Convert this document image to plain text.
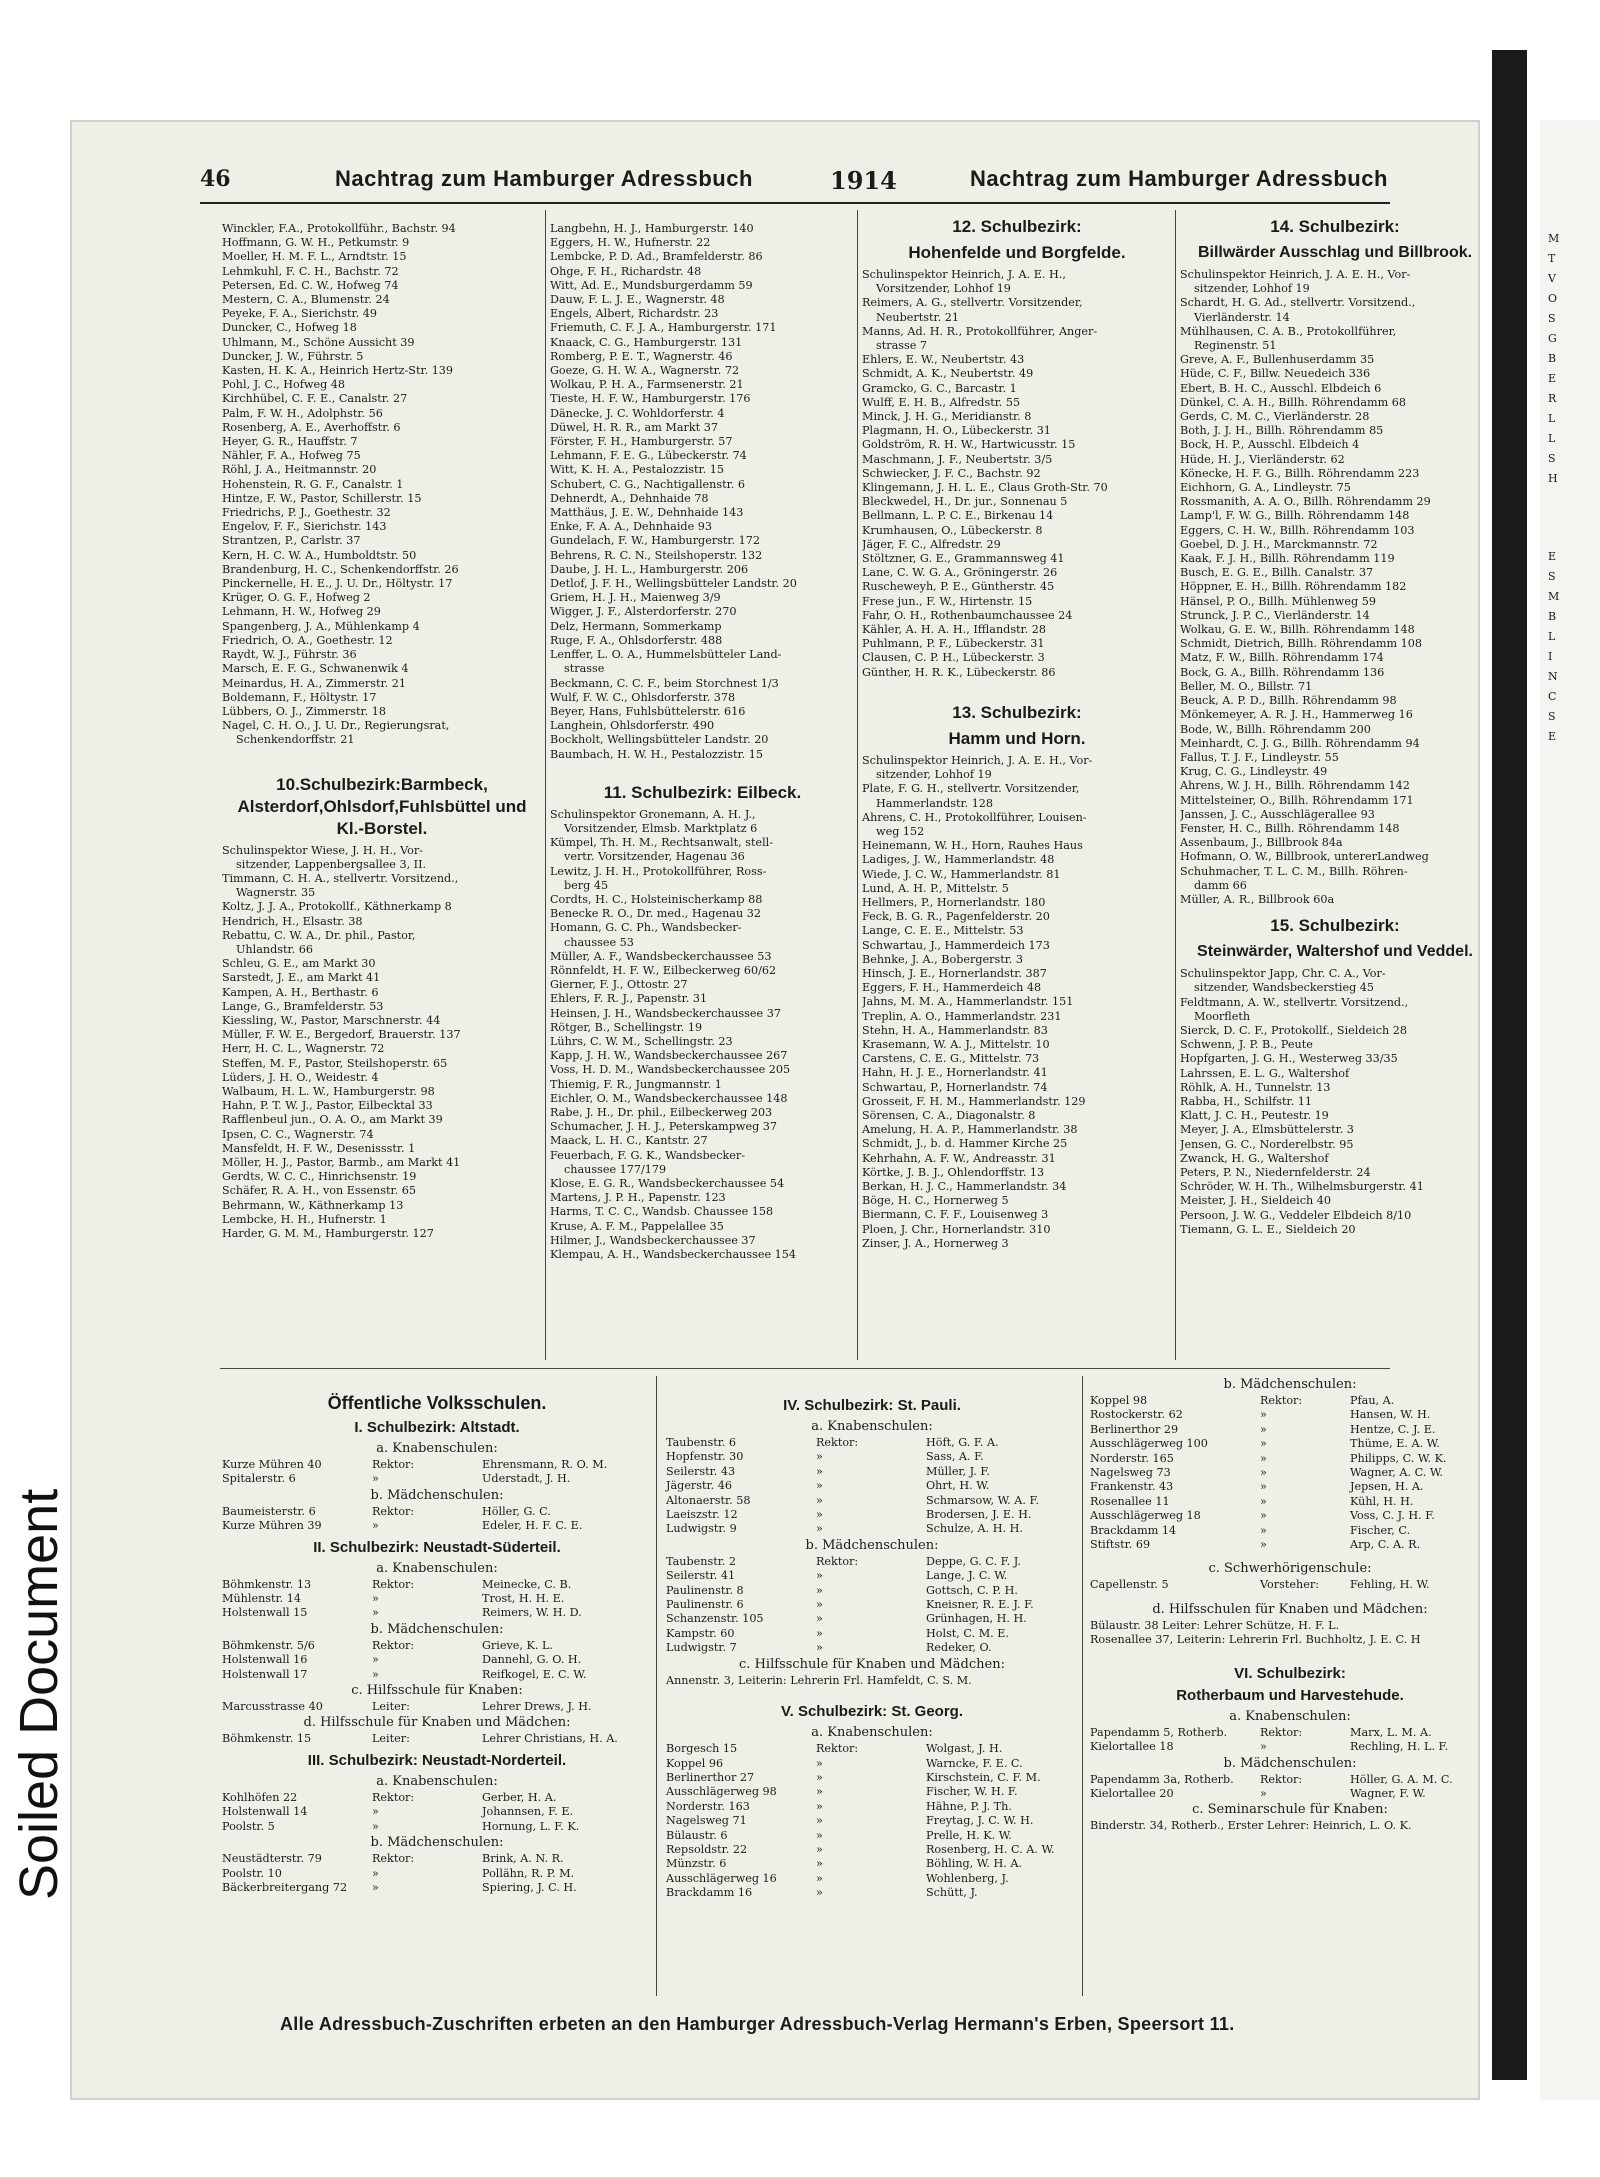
M
T
V
O
S
G
B
E
R
L
L
S
H
E
S
M
B
L
I
N
C
S
E
Soiled Document
46	Nachtrag zum Hamburger Adressbuch	1914	Nachtrag zum Hamburger Adressbuch
Winckler, F.A., Protokollführ., Bachstr. 94
Hoffmann, G. W. H., Petkumstr. 9
Moeller, H. M. F. L., Arndtstr. 15
Lehmkuhl, F. C. H., Bachstr. 72
Petersen, Ed. C. W., Hofweg 74
Mestern, C. A., Blumenstr. 24
Peyeke, F. A., Sierichstr. 49
Duncker, C., Hofweg 18
Uhlmann, M., Schöne Aussicht 39
Duncker, J. W., Führstr. 5
Kasten, H. K. A., Heinrich Hertz-Str. 139
Pohl, J. C., Hofweg 48
Kirchhübel, C. F. E., Canalstr. 27
Palm, F. W. H., Adolphstr. 56
Rosenberg, A. E., Averhoffstr. 6
Heyer, G. R., Hauffstr. 7
Nähler, F. A., Hofweg 75
Röhl, J. A., Heitmannstr. 20
Hohenstein, R. G. F., Canalstr. 1
Hintze, F. W., Pastor, Schillerstr. 15
Friedrichs, P. J., Goethestr. 32
Engelov, F. F., Sierichstr. 143
Strantzen, P., Carlstr. 37
Kern, H. C. W. A., Humboldtstr. 50
Brandenburg, H. C., Schenkendorffstr. 26
Pinckernelle, H. E., J. U. Dr., Höltystr. 17
Krüger, O. G. F., Hofweg 2
Lehmann, H. W., Hofweg 29
Spangenberg, J. A., Mühlenkamp 4
Friedrich, O. A., Goethestr. 12
Raydt, W. J., Führstr. 36
Marsch, E. F. G., Schwanenwik 4
Meinardus, H. A., Zimmerstr. 21
Boldemann, F., Höltystr. 17
Lübbers, O. J., Zimmerstr. 18
Nagel, C. H. O., J. U. Dr., Regierungsrat,
Schenkendorffstr. 21
10.Schulbezirk:Barmbeck, Alsterdorf,Ohlsdorf,Fuhlsbüttel und Kl.-Borstel.
Schulinspektor Wiese, J. H. H., Vor-
sitzender, Lappenbergsallee 3, II.
Timmann, C. H. A., stellvertr. Vorsitzend.,
Wagnerstr. 35
Koltz, J. J. A., Protokollf., Käthnerkamp 8
Hendrich, H., Elsastr. 38
Rebattu, C. W. A., Dr. phil., Pastor,
Uhlandstr. 66
Schleu, G. E., am Markt 30
Sarstedt, J. E., am Markt 41
Kampen, A. H., Berthastr. 6
Lange, G., Bramfelderstr. 53
Kiessling, W., Pastor, Marschnerstr. 44
Müller, F. W. E., Bergedorf, Brauerstr. 137
Herr, H. C. L., Wagnerstr. 72
Steffen, M. F., Pastor, Steilshoperstr. 65
Lüders, J. H. O., Weidestr. 4
Walbaum, H. L. W., Hamburgerstr. 98
Hahn, P. T. W. J., Pastor, Eilbecktal 33
Rafflenbeul jun., O. A. O., am Markt 39
Ipsen, C. C., Wagnerstr. 74
Mansfeldt, H. F. W., Desenissstr. 1
Möller, H. J., Pastor, Barmb., am Markt 41
Gerdts, W. C. C., Hinrichsenstr. 19
Schäfer, R. A. H., von Essenstr. 65
Behrmann, W., Käthnerkamp 13
Lembcke, H. H., Hufnerstr. 1
Harder, G. M. M., Hamburgerstr. 127
Langbehn, H. J., Hamburgerstr. 140
Eggers, H. W., Hufnerstr. 22
Lembcke, P. D. Ad., Bramfelderstr. 86
Ohge, F. H., Richardstr. 48
Witt, Ad. E., Mundsburgerdamm 59
Dauw, F. L. J. E., Wagnerstr. 48
Engels, Albert, Richardstr. 23
Friemuth, C. F. J. A., Hamburgerstr. 171
Knaack, C. G., Hamburgerstr. 131
Romberg, P. E. T., Wagnerstr. 46
Goeze, G. H. W. A., Wagnerstr. 72
Wolkau, P. H. A., Farmsenerstr. 21
Tieste, H. F. W., Hamburgerstr. 176
Dänecke, J. C. Wohldorferstr. 4
Düwel, H. R. R., am Markt 37
Förster, F. H., Hamburgerstr. 57
Lehmann, F. E. G., Lübeckerstr. 74
Witt, K. H. A., Pestalozzistr. 15
Schubert, C. G., Nachtigallenstr. 6
Dehnerdt, A., Dehnhaide 78
Matthäus, J. E. W., Dehnhaide 143
Enke, F. A. A., Dehnhaide 93
Gundelach, F. W., Hamburgerstr. 172
Behrens, R. C. N., Steilshoperstr. 132
Daube, J. H. L., Hamburgerstr. 206
Detlof, J. F. H., Wellingsbütteler Landstr. 20
Griem, H. J. H., Maienweg 3/9
Wigger, J. F., Alsterdorferstr. 270
Delz, Hermann, Sommerkamp
Ruge, F. A., Ohlsdorferstr. 488
Lenffer, L. O. A., Hummelsbütteler Land-
strasse
Beckmann, C. C. F., beim Storchnest 1/3
Wulf, F. W. C., Ohlsdorferstr. 378
Beyer, Hans, Fuhlsbüttelerstr. 616
Langhein, Ohlsdorferstr. 490
Bockholt, Wellingsbütteler Landstr. 20
Baumbach, H. W. H., Pestalozzistr. 15
11. Schulbezirk: Eilbeck.
Schulinspektor Gronemann, A. H. J.,
Vorsitzender, Elmsb. Marktplatz 6
Kümpel, Th. H. M., Rechtsanwalt, stell-
vertr. Vorsitzender, Hagenau 36
Lewitz, J. H. H., Protokollführer, Ross-
berg 45
Cordts, H. C., Holsteinischerkamp 88
Benecke R. O., Dr. med., Hagenau 32
Homann, G. C. Ph., Wandsbecker-
chaussee 53
Müller, A. F., Wandsbeckerchaussee 53
Rönnfeldt, H. F. W., Eilbeckerweg 60/62
Gierner, F. J., Ottostr. 27
Ehlers, F. R. J., Papenstr. 31
Heinsen, J. H., Wandsbeckerchaussee 37
Rötger, B., Schellingstr. 19
Lührs, C. W. M., Schellingstr. 23
Kapp, J. H. W., Wandsbeckerchaussee 267
Voss, H. D. M., Wandsbeckerchaussee 205
Thiemig, F. R., Jungmannstr. 1
Eichler, O. M., Wandsbeckerchaussee 148
Rabe, J. H., Dr. phil., Eilbeckerweg 203
Schumacher, J. H. J., Peterskampweg 37
Maack, L. H. C., Kantstr. 27
Feuerbach, F. G. K., Wandsbecker-
chaussee 177/179
Klose, E. G. R., Wandsbeckerchaussee 54
Martens, J. P. H., Papenstr. 123
Harms, T. C. C., Wandsb. Chaussee 158
Kruse, A. F. M., Pappelallee 35
Hilmer, J., Wandsbeckerchaussee 37
Klempau, A. H., Wandsbeckerchaussee 154
12. Schulbezirk:
Hohenfelde und Borgfelde.
Schulinspektor Heinrich, J. A. E. H.,
Vorsitzender, Lohhof 19
Reimers, A. G., stellvertr. Vorsitzender,
Neubertstr. 21
Manns, Ad. H. R., Protokollführer, Anger-
strasse 7
Ehlers, E. W., Neubertstr. 43
Schmidt, A. K., Neubertstr. 49
Gramcko, G. C., Barcastr. 1
Wulff, E. H. B., Alfredstr. 55
Minck, J. H. G., Meridianstr. 8
Plagmann, H. O., Lübeckerstr. 31
Goldström, R. H. W., Hartwicusstr. 15
Maschmann, J. F., Neubertstr. 3/5
Schwiecker, J. F. C., Bachstr. 92
Klingemann, J. H. L. E., Claus Groth-Str. 70
Bleckwedel, H., Dr. jur., Sonnenau 5
Bellmann, L. P. C. E., Birkenau 14
Krumhausen, O., Lübeckerstr. 8
Jäger, F. C., Alfredstr. 29
Stöltzner, G. E., Grammannsweg 41
Lane, C. W. G. A., Gröningerstr. 26
Ruscheweyh, P. E., Güntherstr. 45
Frese jun., F. W., Hirtenstr. 15
Fahr, O. H., Rothenbaumchaussee 24
Kähler, A. H. A. H., Ifflandstr. 28
Puhlmann, P. F., Lübeckerstr. 31
Clausen, C. P. H., Lübeckerstr. 3
Günther, H. R. K., Lübeckerstr. 86
13. Schulbezirk:
Hamm und Horn.
Schulinspektor Heinrich, J. A. E. H., Vor-
sitzender, Lohhof 19
Plate, F. G. H., stellvertr. Vorsitzender,
Hammerlandstr. 128
Ahrens, C. H., Protokollführer, Louisen-
weg 152
Heinemann, W. H., Horn, Rauhes Haus
Ladiges, J. W., Hammerlandstr. 48
Wiede, J. C. W., Hammerlandstr. 81
Lund, A. H. P., Mittelstr. 5
Hellmers, P., Hornerlandstr. 180
Feck, B. G. R., Pagenfelderstr. 20
Lange, C. E. E., Mittelstr. 53
Schwartau, J., Hammerdeich 173
Behnke, J. A., Bobergerstr. 3
Hinsch, J. E., Hornerlandstr. 387
Eggers, F. H., Hammerdeich 48
Jahns, M. M. A., Hammerlandstr. 151
Treplin, A. O., Hammerlandstr. 231
Stehn, H. A., Hammerlandstr. 83
Krasemann, W. A. J., Mittelstr. 10
Carstens, C. E. G., Mittelstr. 73
Hahn, H. J. E., Hornerlandstr. 41
Schwartau, P., Hornerlandstr. 74
Grosseit, F. H. M., Hammerlandstr. 129
Sörensen, C. A., Diagonalstr. 8
Amelung, H. A. P., Hammerlandstr. 38
Schmidt, J., b. d. Hammer Kirche 25
Kehrhahn, A. F. W., Andreasstr. 31
Körtke, J. B. J., Ohlendorffstr. 13
Berkan, H. J. C., Hammerlandstr. 34
Böge, H. C., Hornerweg 5
Biermann, C. F. F., Louisenweg 3
Ploen, J. Chr., Hornerlandstr. 310
Zinser, J. A., Hornerweg 3
14. Schulbezirk:
Billwärder Ausschlag und Billbrook.
Schulinspektor Heinrich, J. A. E. H., Vor-
sitzender, Lohhof 19
Schardt, H. G. Ad., stellvertr. Vorsitzend.,
Vierländerstr. 14
Mühlhausen, C. A. B., Protokollführer,
Reginenstr. 51
Greve, A. F., Bullenhuserdamm 35
Hüde, C. F., Billw. Neuedeich 336
Ebert, B. H. C., Ausschl. Elbdeich 6
Dünkel, C. A. H., Billh. Röhrendamm 68
Gerds, C. M. C., Vierländerstr. 28
Both, J. J. H., Billh. Röhrendamm 85
Bock, H. P., Ausschl. Elbdeich 4
Hüde, H. J., Vierländerstr. 62
Könecke, H. F. G., Billh. Röhrendamm 223
Eichhorn, G. A., Lindleystr. 75
Rossmanith, A. A. O., Billh. Röhrendamm 29
Lamp'l, F. W. G., Billh. Röhrendamm 148
Eggers, C. H. W., Billh. Röhrendamm 103
Goebel, D. J. H., Marckmannstr. 72
Kaak, F. J. H., Billh. Röhrendamm 119
Busch, E. G. E., Billh. Canalstr. 37
Höppner, E. H., Billh. Röhrendamm 182
Hänsel, P. O., Billh. Mühlenweg 59
Strunck, J. P. C., Vierländerstr. 14
Wolkau, G. E. W., Billh. Röhrendamm 148
Schmidt, Dietrich, Billh. Röhrendamm 108
Matz, F. W., Billh. Röhrendamm 174
Bock, G. A., Billh. Röhrendamm 136
Beller, M. O., Billstr. 71
Beuck, A. P. D., Billh. Röhrendamm 98
Mönkemeyer, A. R. J. H., Hammerweg 16
Bode, W., Billh. Röhrendamm 200
Meinhardt, C. J. G., Billh. Röhrendamm 94
Fallus, T. J. F., Lindleystr. 55
Krug, C. G., Lindleystr. 49
Ahrens, W. J. H., Billh. Röhrendamm 142
Mittelsteiner, O., Billh. Röhrendamm 171
Janssen, J. C., Ausschlägerallee 93
Fenster, H. C., Billh. Röhrendamm 148
Assenbaum, J., Billbrook 84a
Hofmann, O. W., Billbrook, untererLandweg
Schuhmacher, T. L. C. M., Billh. Röhren-
damm 66
Müller, A. R., Billbrook 60a
15. Schulbezirk:
Steinwärder, Waltershof und Veddel.
Schulinspektor Japp, Chr. C. A., Vor-
sitzender, Wandsbeckerstieg 45
Feldtmann, A. W., stellvertr. Vorsitzend.,
Moorfleth
Sierck, D. C. F., Protokollf., Sieldeich 28
Schwenn, J. P. B., Peute
Hopfgarten, J. G. H., Westerweg 33/35
Lahrssen, E. L. G., Waltershof
Röhlk, A. H., Tunnelstr. 13
Rabba, H., Schilfstr. 11
Klatt, J. C. H., Peutestr. 19
Meyer, J. A., Elmsbüttelerstr. 3
Jensen, G. C., Norderelbstr. 95
Zwanck, H. G., Waltershof
Peters, P. N., Niedernfelderstr. 24
Schröder, W. H. Th., Wilhelmsburgerstr. 41
Meister, J. H., Sieldeich 40
Persoon, J. W. G., Veddeler Elbdeich 8/10
Tiemann, G. L. E., Sieldeich 20
Öffentliche Volksschulen.
I. Schulbezirk: Altstadt.
a. Knabenschulen:
Kurze Mühren 40	Rektor:	Ehrensmann, R. O. M.
Spitalerstr. 6	»	Uderstadt, J. H.
b. Mädchenschulen:
Baumeisterstr. 6	Rektor:	Höller, G. C.
Kurze Mühren 39	»	Edeler, H. F. C. E.
II. Schulbezirk: Neustadt-Süderteil.
a. Knabenschulen:
Böhmkenstr. 13	Rektor:	Meinecke, C. B.
Mühlenstr. 14	»	Trost, H. H. E.
Holstenwall 15	»	Reimers, W. H. D.
b. Mädchenschulen:
Böhmkenstr. 5/6	Rektor:	Grieve, K. L.
Holstenwall 16	»	Dannehl, G. O. H.
Holstenwall 17	»	Reifkogel, E. C. W.
c. Hilfsschule für Knaben:
Marcusstrasse 40	Leiter:	Lehrer Drews, J. H.
d. Hilfsschule für Knaben und Mädchen:
Böhmkenstr. 15	Leiter:	Lehrer Christians, H. A.
III. Schulbezirk: Neustadt-Norderteil.
a. Knabenschulen:
Kohlhöfen 22	Rektor:	Gerber, H. A.
Holstenwall 14	»	Johannsen, F. E.
Poolstr. 5	»	Hornung, L. F. K.
b. Mädchenschulen:
Neustädterstr. 79	Rektor:	Brink, A. N. R.
Poolstr. 10	»	Pollähn, R. P. M.
Bäckerbreitergang 72	»	Spiering, J. C. H.
IV. Schulbezirk: St. Pauli.
a. Knabenschulen:
Taubenstr. 6	Rektor:	Höft, G. F. A.
Hopfenstr. 30	»	Sass, A. F.
Seilerstr. 43	»	Müller, J. F.
Jägerstr. 46	»	Ohrt, H. W.
Altonaerstr. 58	»	Schmarsow, W. A. F.
Laeiszstr. 12	»	Brodersen, J. E. H.
Ludwigstr. 9	»	Schulze, A. H. H.
b. Mädchenschulen:
Taubenstr. 2	Rektor:	Deppe, G. C. F. J.
Seilerstr. 41	»	Lange, J. C. W.
Paulinenstr. 8	»	Gottsch, C. P. H.
Paulinenstr. 6	»	Kneisner, R. E. J. F.
Schanzenstr. 105	»	Grünhagen, H. H.
Kampstr. 60	»	Holst, C. M. E.
Ludwigstr. 7	»	Redeker, O.
c. Hilfsschule für Knaben und Mädchen:
Annenstr. 3, Leiterin: Lehrerin Frl. Hamfeldt, C. S. M.
V. Schulbezirk: St. Georg.
a. Knabenschulen:
Borgesch 15	Rektor:	Wolgast, J. H.
Koppel 96	»	Warncke, F. E. C.
Berlinerthor 27	»	Kirschstein, C. F. M.
Ausschlägerweg 98	»	Fischer, W. H. F.
Norderstr. 163	»	Hähne, P. J. Th.
Nagelsweg 71	»	Freytag, J. C. W. H.
Bülaustr. 6	»	Prelle, H. K. W.
Repsoldstr. 22	»	Rosenberg, H. C. A. W.
Münzstr. 6	»	Böhling, W. H. A.
Ausschlägerweg 16	»	Wohlenberg, J.
Brackdamm 16	»	Schütt, J.
b. Mädchenschulen:
Koppel 98	Rektor:	Pfau, A.
Rostockerstr. 62	»	Hansen, W. H.
Berlinerthor 29	»	Hentze, C. J. E.
Ausschlägerweg 100	»	Thüme, E. A. W.
Norderstr. 165	»	Philipps, C. W. K.
Nagelsweg 73	»	Wagner, A. C. W.
Frankenstr. 43	»	Jepsen, H. A.
Rosenallee 11	»	Kühl, H. H.
Ausschlägerweg 18	»	Voss, C. J. H. F.
Brackdamm 14	»	Fischer, C.
Stiftstr. 69	»	Arp, C. A. R.
c. Schwerhörigenschule:
Capellenstr. 5	Vorsteher:	Fehling, H. W.
d. Hilfsschulen für Knaben und Mädchen:
Bülaustr. 38 Leiter: Lehrer Schütze, H. F. L.
Rosenallee 37, Leiterin: Lehrerin Frl. Buchholtz, J. E. C. H
VI. Schulbezirk:
Rotherbaum und Harvestehude.
a. Knabenschulen:
Papendamm 5, Rotherb.	Rektor:	Marx, L. M. A.
Kielortallee 18	»	Rechling, H. L. F.
b. Mädchenschulen:
Papendamm 3a, Rotherb.	Rektor:	Höller, G. A. M. C.
Kielortallee 20	»	Wagner, F. W.
c. Seminarschule für Knaben:
Binderstr. 34, Rotherb., Erster Lehrer: Heinrich, L. O. K.
Alle Adressbuch-Zuschriften erbeten an den Hamburger Adressbuch-Verlag Hermann's Erben, Speersort 11.
